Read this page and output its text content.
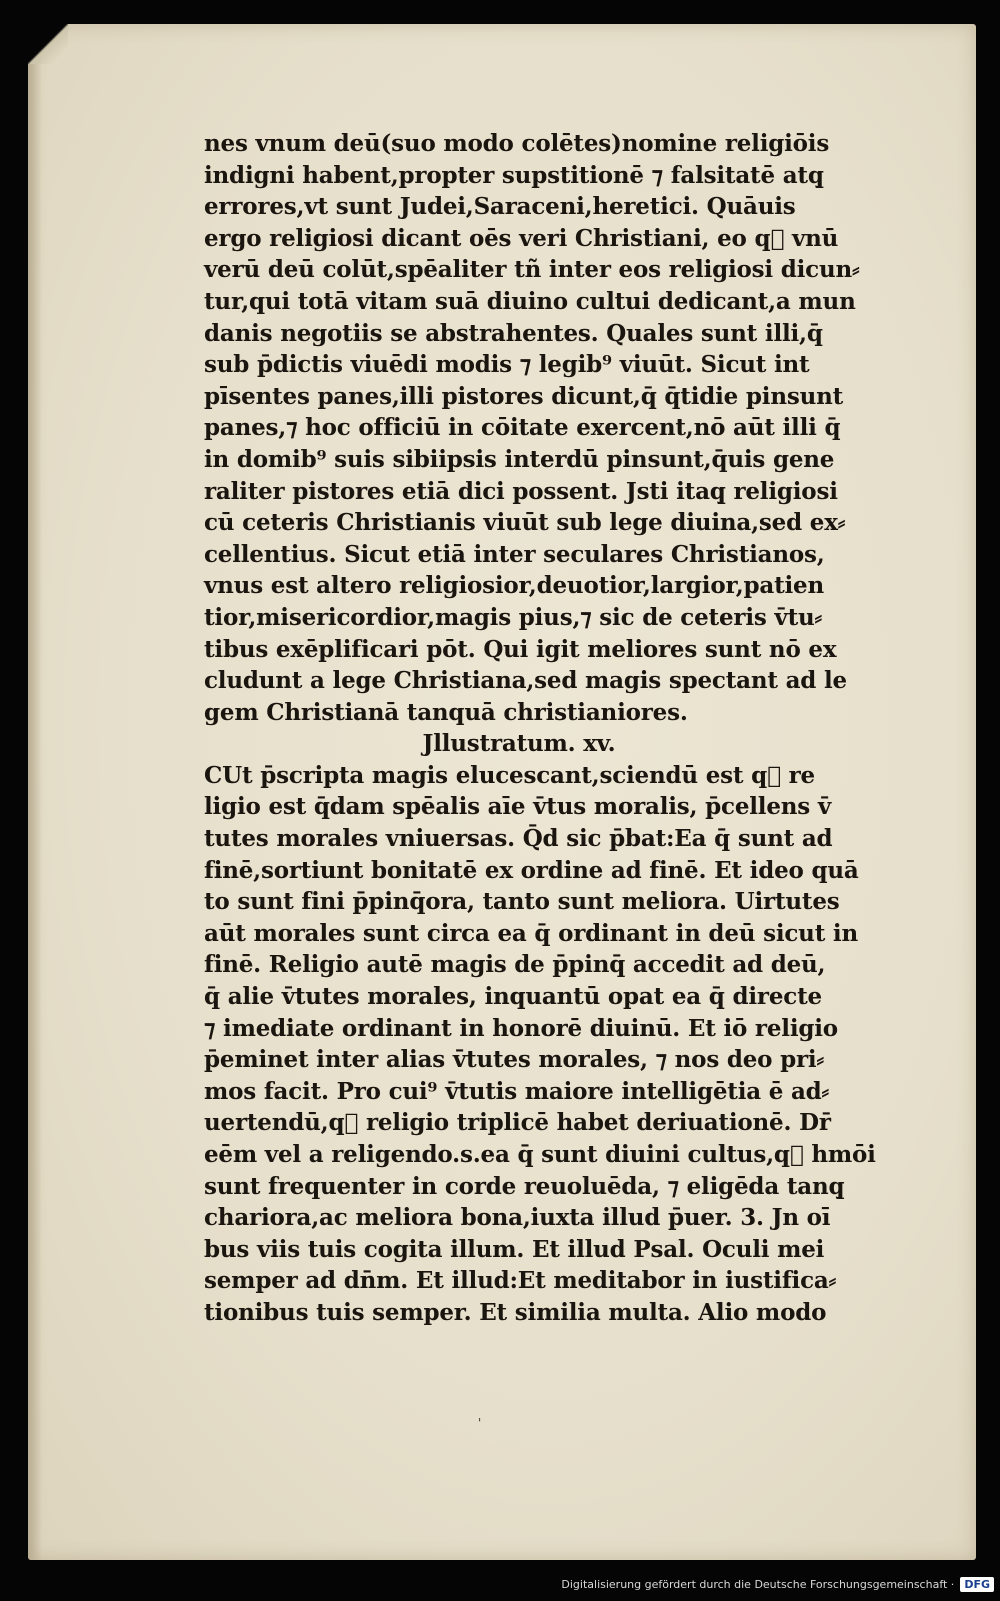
nes vnum deū(suo modo colētes)nomine religiōis
indigni habent,propter supstitionē ⁊ falsitatē atq̧
errores,vt sunt Judei,Saraceni,heretici. Quāuis
ergo religiosi dicant oēs veri Christiani, eo q᷑ vnū
verū deū colūt,spēaliter tñ inter eos religiosi dicun⸗
tur,qui totā vitam suā diuino cultui dedicant,a mun
danis negotiis se abstrahentes. Quales sunt illi,q̄
sub p̄dictis viuēdi modis ⁊ legib⁹ viuūt. Sicut int
pīsentes panes,illi pistores dicunt,q̄ q̄tidie pinsunt
panes,⁊ hoc officiū in cōitate exercent,nō aūt illi q̄
in domib⁹ suis sibiipsis interdū pinsunt,q̄uis gene
raliter pistores etiā dici possent. Jsti itaq̧ religiosi
cū ceteris Christianis viuūt sub lege diuina,sed ex⸗
cellentius. Sicut etiā inter seculares Christianos,
vnus est altero religiosior,deuotior,largior,patien
tior,misericordior,magis pius,⁊ sic de ceteris v̄tu⸗
tibus exēplificari pōt. Qui igit meliores sunt nō ex
cludunt a lege Christiana,sed magis spectant ad le
gem Christianā tanquā christianiores.
Jllustratum. xv.
CUt p̄scripta magis elucescant,sciendū est q᷑ re
ligio est q̄dam spēalis aīe v̄tus moralis, p̄cellens v̄
tutes morales vniuersas. Q̄d sic p̄bat:Ea q̄ sunt ad
finē,sortiunt bonitatē ex ordine ad finē. Et ideo quā
to sunt fini p̄pinq̄ora, tanto sunt meliora. Uirtutes
aūt morales sunt circa ea q̄ ordinant in deū sicut in
finē. Religio autē magis de p̄pinq̄ accedit ad deū,
q̄ alie v̄tutes morales, inquantū opat ea q̄ directe
⁊ imediate ordinant in honorē diuinū. Et iō religio
p̄eminet inter alias v̄tutes morales, ⁊ nos deo pri⸗
mos facit. Pro cui⁹ v̄tutis maiore intelligētia ē ad⸗
uertendū,q᷑ religio triplicē habet deriuationē. Dr̄
eēm vel a religendo.s.ea q̄ sunt diuini cultus,q᷑ hmōi
sunt frequenter in corde reuoluēda, ⁊ eligēda tanq̧
chariora,ac meliora bona,iuxta illud p̄uer. 3. Jn oī
bus viis tuis cogita illum. Et illud Psal. Oculi mei
semper ad dn̄m. Et illud:Et meditabor in iustifica⸗
tionibus tuis semper. Et similia multa. Alio modo
'
Digitalisierung gefördert durch die Deutsche Forschungsgemeinschaft · DFG
